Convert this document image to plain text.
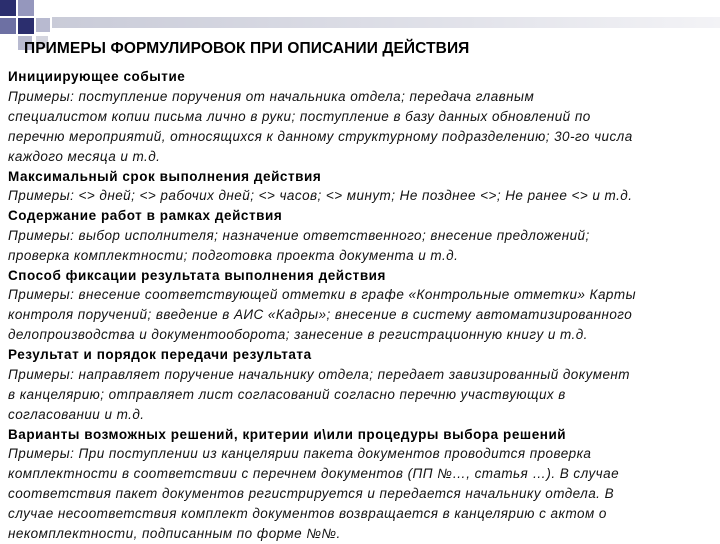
ПРИМЕРЫ ФОРМУЛИРОВОК ПРИ ОПИСАНИИ ДЕЙСТВИЯ
Инициирующее событие
Примеры: поступление поручения от начальника отдела; передача главным
специалистом копии письма лично в руки; поступление в базу данных обновлений по
перечню мероприятий, относящихся к данному структурному подразделению; 30-го числа
каждого месяца и т.д.
Максимальный срок выполнения действия
Примеры: <> дней; <> рабочих дней; <> часов; <> минут; Не позднее <>; Не ранее <> и т.д.
Содержание работ в рамках действия
Примеры: выбор исполнителя; назначение ответственного; внесение предложений;
проверка комплектности; подготовка проекта документа и т.д.
Способ фиксации результата выполнения действия
Примеры: внесение соответствующей отметки в графе «Контрольные отметки» Карты
контроля поручений; введение в АИС «Кадры»; внесение в систему автоматизированного
делопроизводства и документооборота; занесение в регистрационную книгу и т.д.
Результат и порядок передачи результата
Примеры: направляет поручение начальнику отдела; передает завизированный документ
в канцелярию; отправляет лист согласований согласно перечню участвующих в
согласовании и т.д.
Варианты возможных решений, критерии и\или процедуры выбора решений
Примеры: При поступлении из канцелярии пакета документов проводится проверка
комплектности в соответствии с перечнем документов (ПП №…, статья …). В случае
соответствия пакет документов регистрируется и передается начальнику отдела. В
случае несоответствия комплект документов возвращается в канцелярию с актом о
некомплектности, подписанным по форме №№.
